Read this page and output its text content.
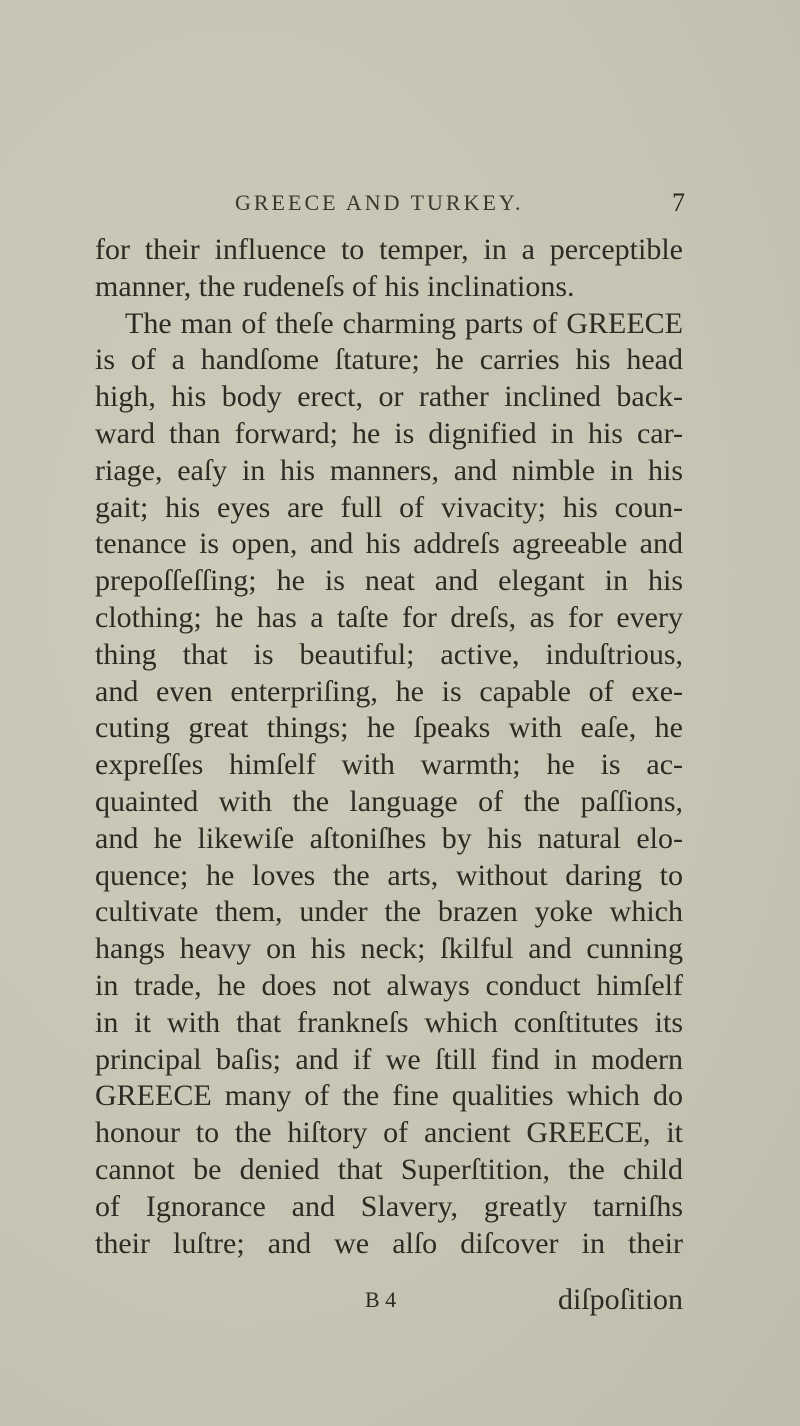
GREECE AND TURKEY.	7
for their influence to temper, in a perceptible
manner, the rudeneſs of his inclinations.
The man of theſe charming parts of GREECE
is of a handſome ſtature; he carries his head
high, his body erect, or rather inclined back-
ward than forward; he is dignified in his car-
riage, eaſy in his manners, and nimble in his
gait; his eyes are full of vivacity; his coun-
tenance is open, and his addreſs agreeable and
prepoſſeſſing; he is neat and elegant in his
clothing; he has a taſte for dreſs, as for every
thing that is beautiful; active, induſtrious,
and even enterpriſing, he is capable of exe-
cuting great things; he ſpeaks with eaſe, he
expreſſes himſelf with warmth; he is ac-
quainted with the language of the paſſions,
and he likewiſe aſtoniſhes by his natural elo-
quence; he loves the arts, without daring to
cultivate them, under the brazen yoke which
hangs heavy on his neck; ſkilful and cunning
in trade, he does not always conduct himſelf
in it with that frankneſs which conſtitutes its
principal baſis; and if we ſtill find in modern
GREECE many of the fine qualities which do
honour to the hiſtory of ancient GREECE, it
cannot be denied that Superſtition, the child
of Ignorance and Slavery, greatly tarniſhs
their luſtre; and we alſo diſcover in their
B 4	diſpoſition
